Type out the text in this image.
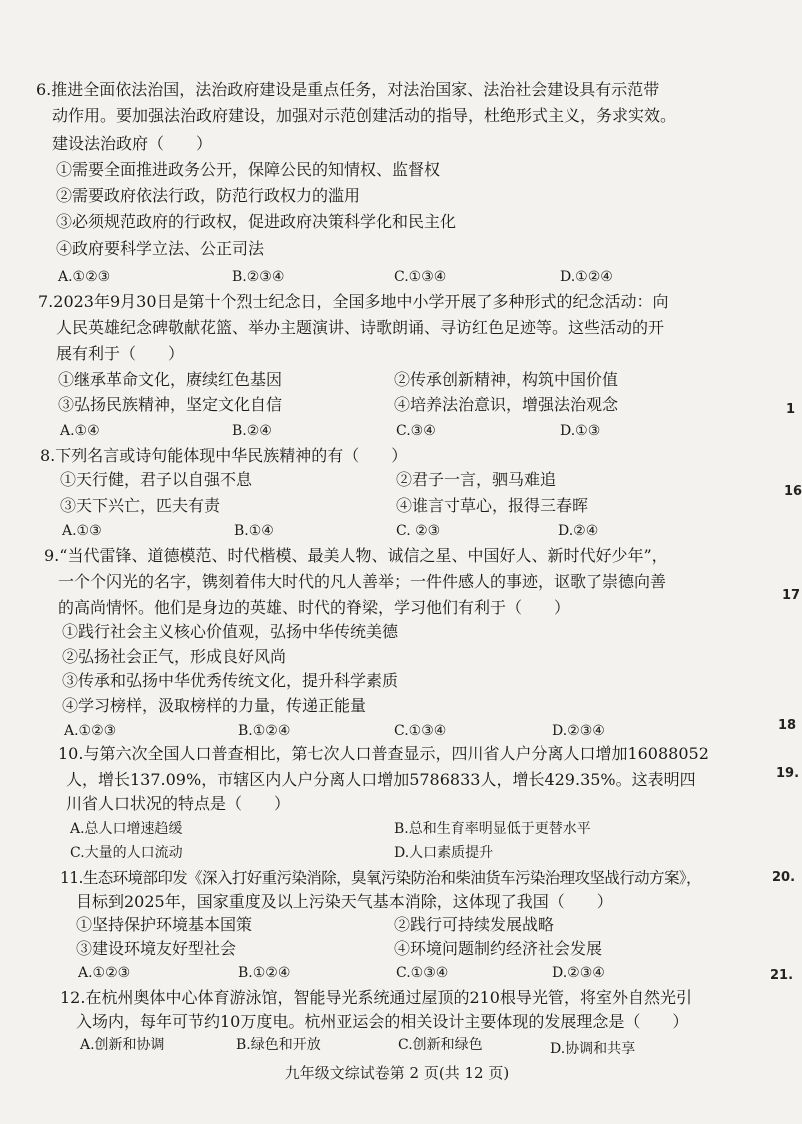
6.推进全面依法治国，法治政府建设是重点任务，对法治国家、法治社会建设具有示范带
动作用。要加强法治政府建设，加强对示范创建活动的指导，杜绝形式主义，务求实效。
建设法治政府（　　）
①需要全面推进政务公开，保障公民的知情权、监督权
②需要政府依法行政，防范行政权力的滥用
③必须规范政府的行政权，促进政府决策科学化和民主化
④政府要科学立法、公正司法
A.①②③	B.②③④	C.①③④	D.①②④
7.2023年9月30日是第十个烈士纪念日，全国多地中小学开展了多种形式的纪念活动：向
人民英雄纪念碑敬献花篮、举办主题演讲、诗歌朗诵、寻访红色足迹等。这些活动的开
展有利于（　　）
①继承革命文化，赓续红色基因	②传承创新精神，构筑中国价值
③弘扬民族精神，坚定文化自信	④培养法治意识，增强法治观念
A.①④	B.②④	C.③④	D.①③
8.下列名言或诗句能体现中华民族精神的有（　　）
①天行健，君子以自强不息	②君子一言，驷马难追
③天下兴亡，匹夫有责	④谁言寸草心，报得三春晖
A.①③	B.①④	C. ②③	D.②④
9.“当代雷锋、道德模范、时代楷模、最美人物、诚信之星、中国好人、新时代好少年”，
一个个闪光的名字，镌刻着伟大时代的凡人善举；一件件感人的事迹，讴歌了崇德向善
的高尚情怀。他们是身边的英雄、时代的脊梁，学习他们有利于（　　）
①践行社会主义核心价值观，弘扬中华传统美德
②弘扬社会正气，形成良好风尚
③传承和弘扬中华优秀传统文化，提升科学素质
④学习榜样，汲取榜样的力量，传递正能量
A.①②③	B.①②④	C.①③④	D.②③④
10.与第六次全国人口普查相比，第七次人口普查显示，四川省人户分离人口增加16088052
人，增长137.09%，市辖区内人户分离人口增加5786833人，增长429.35%。这表明四
川省人口状况的特点是（　　）
A.总人口增速趋缓	B.总和生育率明显低于更替水平
C.大量的人口流动	D.人口素质提升
11.生态环境部印发《深入打好重污染消除，臭氧污染防治和柴油货车污染治理攻坚战行动方案》，
目标到2025年，国家重度及以上污染天气基本消除，这体现了我国（　　）
①坚持保护环境基本国策	②践行可持续发展战略
③建设环境友好型社会	④环境问题制约经济社会发展
A.①②③	B.①②④	C.①③④	D.②③④
12.在杭州奥体中心体育游泳馆，智能导光系统通过屋顶的210根导光管，将室外自然光引
入场内，每年可节约10万度电。杭州亚运会的相关设计主要体现的发展理念是（　　）
A.创新和协调	B.绿色和开放	C.创新和绿色	D.协调和共享
1
16
17
18
19.
20.
21.
九年级文综试卷第 2 页(共 12 页)
